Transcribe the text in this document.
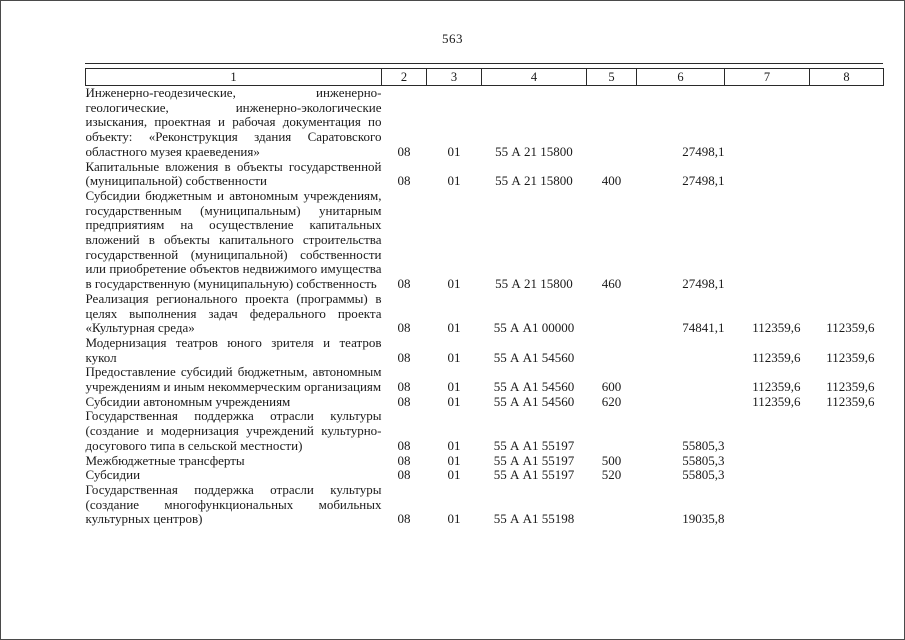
563
1	2	3	4	5	6	7	8
Инженерно-геодезические, инженерно-геологические, инженерно-экологические изыскания, проектная и рабочая документация по объекту: «Реконструкция здания Саратовского областного музея краеведения»	08	01	55 А 21 15800		27498,1		
Капитальные вложения в объекты государственной (муниципальной) собственности	08	01	55 А 21 15800	400	27498,1		
Субсидии бюджетным и автономным учреждениям, государственным (муниципальным) унитарным предприятиям на осуществление капитальных вложений в объекты капитального строительства государственной (муниципальной) собственности или приобретение объектов недвижимого имущества в государственную (муниципальную) собственность	08	01	55 А 21 15800	460	27498,1		
Реализация регионального проекта (программы) в целях выполнения задач федерального проекта «Культурная среда»	08	01	55 А А1 00000		74841,1	112359,6	112359,6
Модернизация театров юного зрителя и театров кукол	08	01	55 А А1 54560			112359,6	112359,6
Предоставление субсидий бюджетным, автономным учреждениям и иным некоммерческим организациям	08	01	55 А А1 54560	600		112359,6	112359,6
Субсидии автономным учреждениям	08	01	55 А А1 54560	620		112359,6	112359,6
Государственная поддержка отрасли культуры (создание и модернизация учреждений культурно-досугового типа в сельской местности)	08	01	55 А А1 55197		55805,3		
Межбюджетные трансферты	08	01	55 А А1 55197	500	55805,3		
Субсидии	08	01	55 А А1 55197	520	55805,3		
Государственная поддержка отрасли культуры (создание многофункциональных мобильных культурных центров)	08	01	55 А А1 55198		19035,8		
